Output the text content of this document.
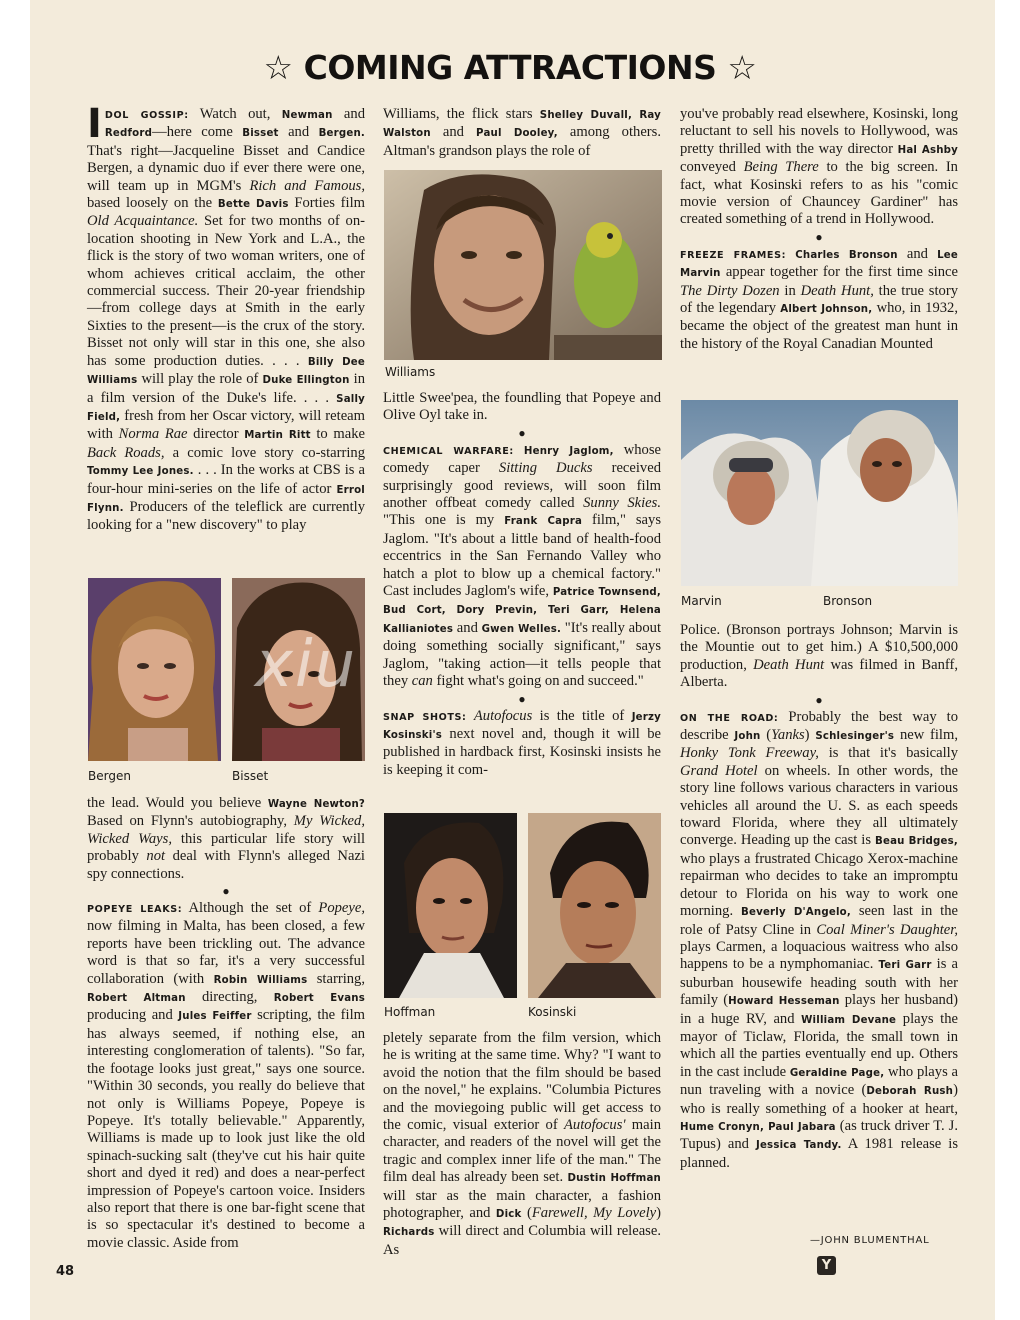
☆ COMING ATTRACTIONS ☆
I DOL GOSSIP: Watch out, Newman and Redford—here come Bisset and Bergen. That's right—Jacqueline Bisset and Candice Bergen, a dynamic duo if ever there were one, will team up in MGM's Rich and Famous, based loosely on the Bette Davis Forties film Old Acquaintance. Set for two months of on-location shooting in New York and L.A., the flick is the story of two woman writers, one of whom achieves critical acclaim, the other commercial success. Their 20-year friendship—from college days at Smith in the early Sixties to the present—is the crux of the story. Bisset not only will star in this one, she also has some production duties. . . . Billy Dee Williams will play the role of Duke Ellington in a film version of the Duke's life. . . . Sally Field, fresh from her Oscar victory, will reteam with Norma Rae director Martin Ritt to make Back Roads, a comic love story co-starring Tommy Lee Jones. . . . In the works at CBS is a four-hour mini-series on the life of actor Errol Flynn. Producers of the teleflick are currently looking for a "new discovery" to play

the lead. Would you believe Wayne Newton? Based on Flynn's autobiography, My Wicked, Wicked Ways, this particular life story will probably not deal with Flynn's alleged Nazi spy connections.

●

POPEYE LEAKS: Although the set of Popeye, now filming in Malta, has been closed, a few reports have been trickling out. The advance word is that so far, it's a very successful collaboration (with Robin Williams starring, Robert Altman directing, Robert Evans producing and Jules Feiffer scripting, the film has always seemed, if nothing else, an interesting conglomeration of talents). "So far, the footage looks just great," says one source. "Within 30 seconds, you really do believe that not only is Williams Popeye, Popeye is Popeye. It's totally believable." Apparently, Williams is made up to look just like the old spinach-sucking salt (they've cut his hair quite short and dyed it red) and does a near-perfect impression of Popeye's cartoon voice. Insiders also report that there is one bar-fight scene that is so spectacular it's destined to become a movie classic. Aside from

Williams, the flick stars Shelley Duvall, Ray Walston and Paul Dooley, among others. Altman's grandson plays the role of

Little Swee'pea, the foundling that Popeye and Olive Oyl take in.

●

CHEMICAL WARFARE: Henry Jaglom, whose comedy caper Sitting Ducks received surprisingly good reviews, will soon film another offbeat comedy called Sunny Skies. "This one is my Frank Capra film," says Jaglom. "It's about a little band of health-food eccentrics in the San Fernando Valley who hatch a plot to blow up a chemical factory." Cast includes Jaglom's wife, Patrice Townsend, Bud Cort, Dory Previn, Teri Garr, Helena Kallianiotes and Gwen Welles. "It's really about doing something socially significant," says Jaglom, "taking action—it tells people that they can fight what's going on and succeed."

●

SNAP SHOTS: Autofocus is the title of Jerzy Kosinski's next novel and, though it will be published in hardback first, Kosinski insists he is keeping it com-

pletely separate from the film version, which he is writing at the same time. Why? "I want to avoid the notion that the film should be based on the novel," he explains. "Columbia Pictures and the moviegoing public will get access to the comic, visual exterior of Autofocus' main character, and readers of the novel will get the tragic and complex inner life of the man." The film deal has already been set. Dustin Hoffman will star as the main character, a fashion photographer, and Dick (Farewell, My Lovely) Richards will direct and Columbia will release. As

you've probably read elsewhere, Kosinski, long reluctant to sell his novels to Hollywood, was pretty thrilled with the way director Hal Ashby conveyed Being There to the big screen. In fact, what Kosinski refers to as his "comic movie version of Chauncey Gardiner" has created something of a trend in Hollywood.

●

FREEZE FRAMES: Charles Bronson and Lee Marvin appear together for the first time since The Dirty Dozen in Death Hunt, the true story of the legendary Albert Johnson, who, in 1932, became the object of the greatest man hunt in the history of the Royal Canadian Mounted

Police. (Bronson portrays Johnson; Marvin is the Mountie out to get him.) A $10,500,000 production, Death Hunt was filmed in Banff, Alberta.

●

ON THE ROAD: Probably the best way to describe John (Yanks) Schlesinger's new film, Honky Tonk Freeway, is that it's basically Grand Hotel on wheels. In other words, the story line follows various characters in various vehicles all around the U. S. as each speeds toward Florida, where they all ultimately converge. Heading up the cast is Beau Bridges, who plays a frustrated Chicago Xerox-machine repairman who decides to take an impromptu detour to Florida on his way to work one morning. Beverly D'Angelo, seen last in the role of Patsy Cline in Coal Miner's Daughter, plays Carmen, a loquacious waitress who also happens to be a nymphomaniac. Teri Garr is a suburban housewife heading south with her family (Howard Hesseman plays her husband) in a huge RV, and William Devane plays the mayor of Ticlaw, Florida, the small town in which all the parties eventually end up. Others in the cast include Geraldine Page, who plays a nun traveling with a novice (Deborah Rush) who is really something of a hooker at heart, Hume Cronyn, Paul Jabara (as truck driver T. J. Tupus) and Jessica Tandy. A 1981 release is planned.

Williams
Bergen	Bisset
xiu
Hoffman	Kosinski
Marvin	Bronson
—JOHN BLUMENTHAL
Y
48
